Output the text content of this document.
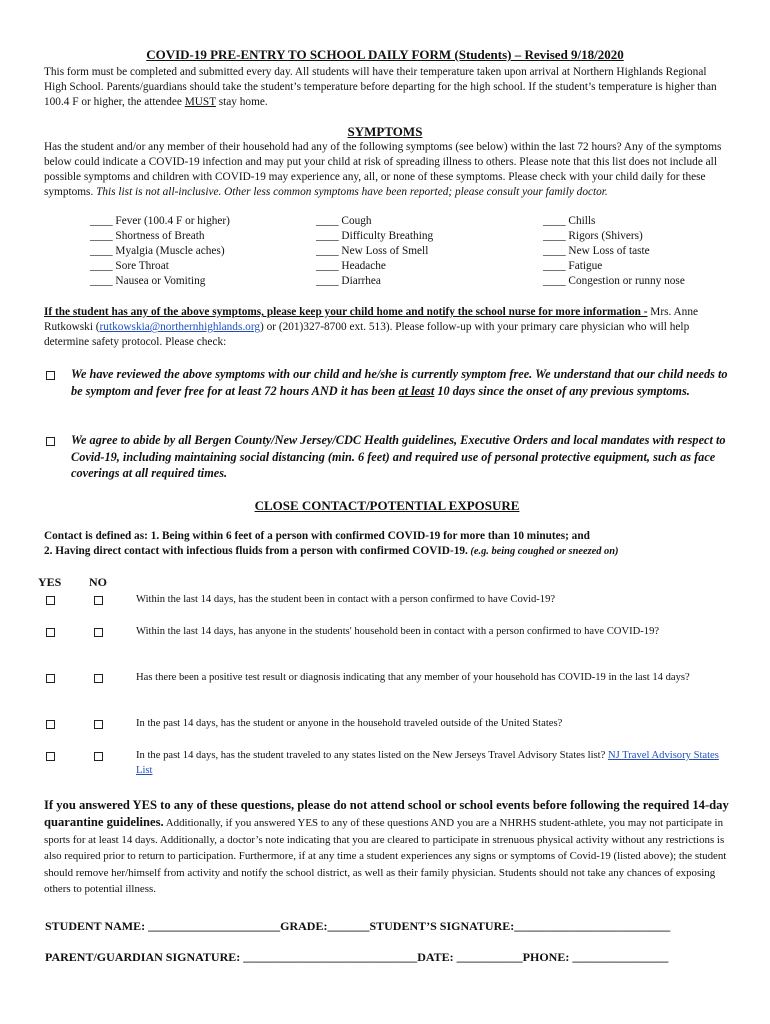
COVID-19 PRE-ENTRY TO SCHOOL DAILY FORM (Students) – Revised 9/18/2020
This form must be completed and submitted every day. All students will have their temperature taken upon arrival at Northern Highlands Regional High School. Parents/guardians should take the student’s temperature before departing for the high school. If the student’s temperature is higher than 100.4 F or higher, the attendee MUST stay home.
SYMPTOMS
Has the student and/or any member of their household had any of the following symptoms (see below) within the last 72 hours? Any of the symptoms below could indicate a COVID-19 infection and may put your child at risk of spreading illness to others. Please note that this list does not include all possible symptoms and children with COVID-19 may experience any, all, or none of these symptoms. Please check with your child daily for these symptoms. This list is not all-inclusive. Other less common symptoms have been reported; please consult your family doctor.
____ Fever (100.4 F or higher)
____ Shortness of Breath
____ Myalgia (Muscle aches)
____ Sore Throat
____ Nausea or Vomiting
____ Cough
____ Difficulty Breathing
____ New Loss of Smell
____ Headache
____ Diarrhea
____ Chills
____ Rigors (Shivers)
____ New Loss of taste
____ Fatigue
____ Congestion or runny nose
If the student has any of the above symptoms, please keep your child home and notify the school nurse for more information - Mrs. Anne Rutkowski (rutkowskia@northernhighlands.org) or (201)327-8700 ext. 513). Please follow-up with your primary care physician who will help determine safety protocol. Please check:
We have reviewed the above symptoms with our child and he/she is currently symptom free. We understand that our child needs to be symptom and fever free for at least 72 hours AND it has been at least 10 days since the onset of any previous symptoms.
We agree to abide by all Bergen County/New Jersey/CDC Health guidelines, Executive Orders and local mandates with respect to Covid-19, including maintaining social distancing (min. 6 feet) and required use of personal protective equipment, such as face coverings at all required times.
CLOSE CONTACT/POTENTIAL EXPOSURE
Contact is defined as: 1. Being within 6 feet of a person with confirmed COVID-19 for more than 10 minutes; and
2. Having direct contact with infectious fluids from a person with confirmed COVID-19. (e.g. being coughed or sneezed on)
YES NO
Within the last 14 days, has the student been in contact with a person confirmed to have Covid-19?
Within the last 14 days, has anyone in the students' household been in contact with a person confirmed to have COVID-19?
Has there been a positive test result or diagnosis indicating that any member of your household has COVID-19 in the last 14 days?
In the past 14 days, has the student or anyone in the household traveled outside of the United States?
In the past 14 days, has the student traveled to any states listed on the New Jerseys Travel Advisory States list? NJ Travel Advisory States List
If you answered YES to any of these questions, please do not attend school or school events before following the required 14-day quarantine guidelines. Additionally, if you answered YES to any of these questions AND you are a NHRHS student-athlete, you may not participate in sports for at least 14 days. Additionally, a doctor’s note indicating that you are cleared to participate in strenuous physical activity without any restrictions is also required prior to return to participation. Furthermore, if at any time a student experiences any signs or symptoms of Covid-19 (listed above); the student should remove her/himself from activity and notify the school district, as well as their family physician. Students should not take any chances of exposing others to potential illness.
STUDENT NAME: ______________________GRADE:_______STUDENT’S SIGNATURE:__________________________
PARENT/GUARDIAN SIGNATURE: _____________________________DATE: ___________PHONE: ________________
